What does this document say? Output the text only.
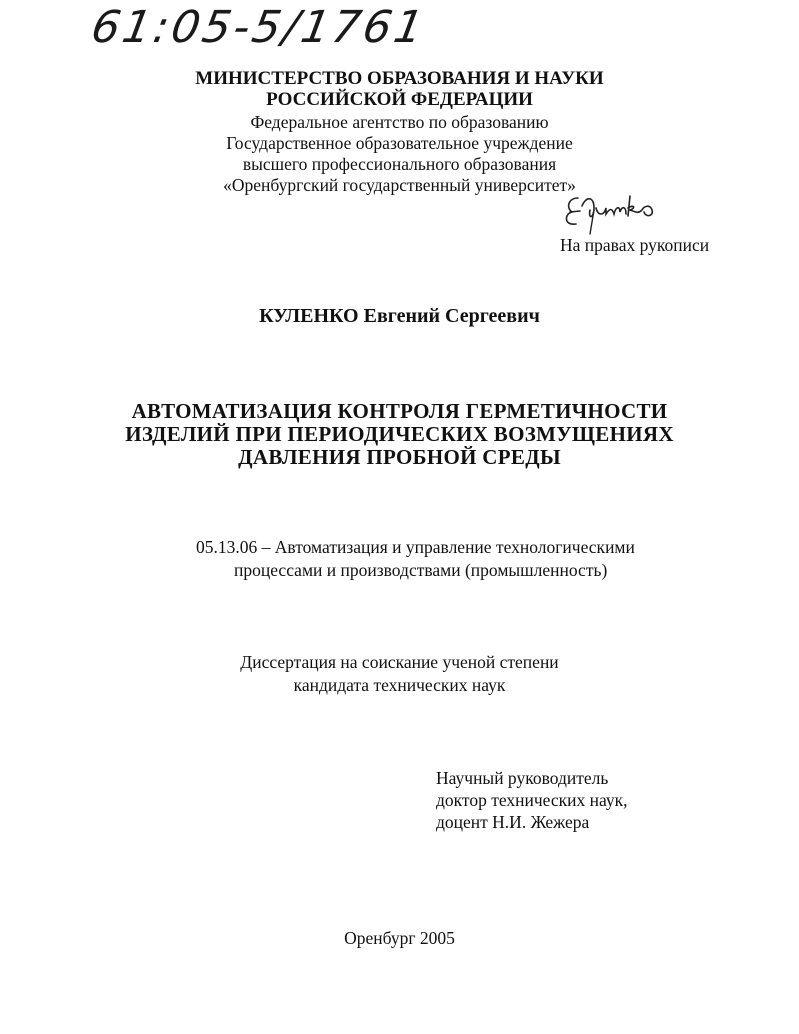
61:05-5/1761
МИНИСТЕРСТВО ОБРАЗОВАНИЯ И НАУКИ
РОССИЙСКОЙ ФЕДЕРАЦИИ
Федеральное агентство по образованию
Государственное образовательное учреждение
высшего профессионального образования
«Оренбургский государственный университет»
На правах рукописи
КУЛЕНКО Евгений Сергеевич
АВТОМАТИЗАЦИЯ КОНТРОЛЯ ГЕРМЕТИЧНОСТИ
ИЗДЕЛИЙ ПРИ ПЕРИОДИЧЕСКИХ ВОЗМУЩЕНИЯХ
ДАВЛЕНИЯ ПРОБНОЙ СРЕДЫ
05.13.06 – Автоматизация и управление технологическими
процессами и производствами (промышленность)
Диссертация на соискание ученой степени
кандидата технических наук
Научный руководитель
доктор технических наук,
доцент Н.И. Жежера
Оренбург 2005
